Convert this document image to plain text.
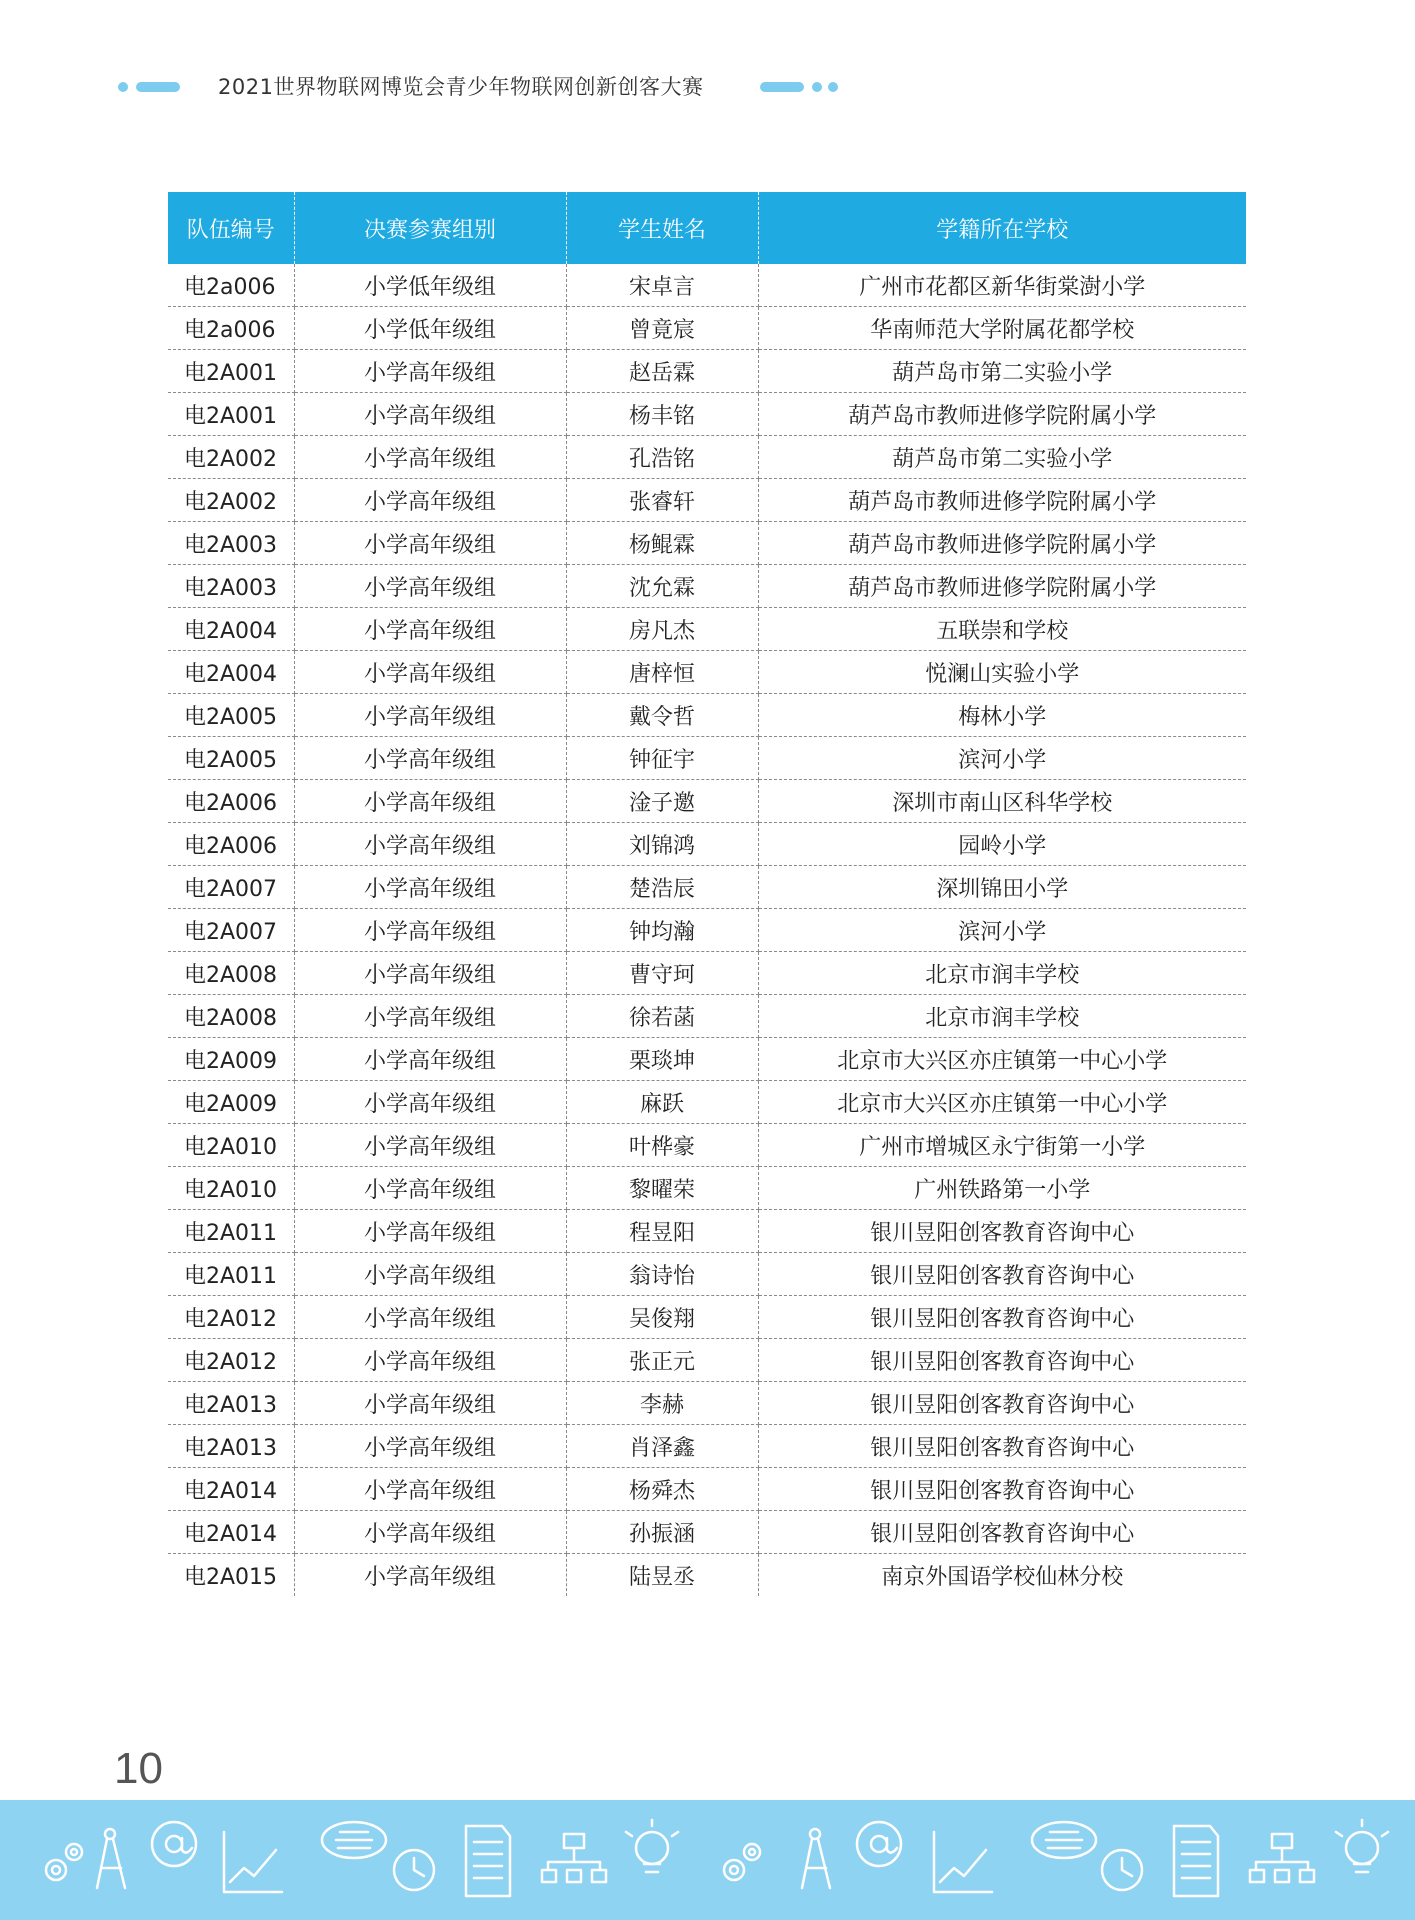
2021世界物联网博览会青少年物联网创新创客大赛
队伍编号	决赛参赛组别	学生姓名	学籍所在学校
电2a006	小学低年级组	宋卓言	广州市花都区新华街棠澍小学
电2a006	小学低年级组	曾竟宸	华南师范大学附属花都学校
电2A001	小学高年级组	赵岳霖	葫芦岛市第二实验小学
电2A001	小学高年级组	杨丰铭	葫芦岛市教师进修学院附属小学
电2A002	小学高年级组	孔浩铭	葫芦岛市第二实验小学
电2A002	小学高年级组	张睿轩	葫芦岛市教师进修学院附属小学
电2A003	小学高年级组	杨鲲霖	葫芦岛市教师进修学院附属小学
电2A003	小学高年级组	沈允霖	葫芦岛市教师进修学院附属小学
电2A004	小学高年级组	房凡杰	五联崇和学校
电2A004	小学高年级组	唐梓恒	悦澜山实验小学
电2A005	小学高年级组	戴令哲	梅林小学
电2A005	小学高年级组	钟征宇	滨河小学
电2A006	小学高年级组	淦子邀	深圳市南山区科华学校
电2A006	小学高年级组	刘锦鸿	园岭小学
电2A007	小学高年级组	楚浩辰	深圳锦田小学
电2A007	小学高年级组	钟均瀚	滨河小学
电2A008	小学高年级组	曹守珂	北京市润丰学校
电2A008	小学高年级组	徐若菡	北京市润丰学校
电2A009	小学高年级组	栗琰坤	北京市大兴区亦庄镇第一中心小学
电2A009	小学高年级组	麻跃	北京市大兴区亦庄镇第一中心小学
电2A010	小学高年级组	叶桦豪	广州市增城区永宁街第一小学
电2A010	小学高年级组	黎曜荣	广州铁路第一小学
电2A011	小学高年级组	程昱阳	银川昱阳创客教育咨询中心
电2A011	小学高年级组	翁诗怡	银川昱阳创客教育咨询中心
电2A012	小学高年级组	吴俊翔	银川昱阳创客教育咨询中心
电2A012	小学高年级组	张正元	银川昱阳创客教育咨询中心
电2A013	小学高年级组	李赫	银川昱阳创客教育咨询中心
电2A013	小学高年级组	肖泽鑫	银川昱阳创客教育咨询中心
电2A014	小学高年级组	杨舜杰	银川昱阳创客教育咨询中心
电2A014	小学高年级组	孙振涵	银川昱阳创客教育咨询中心
电2A015	小学高年级组	陆昱丞	南京外国语学校仙林分校
10
